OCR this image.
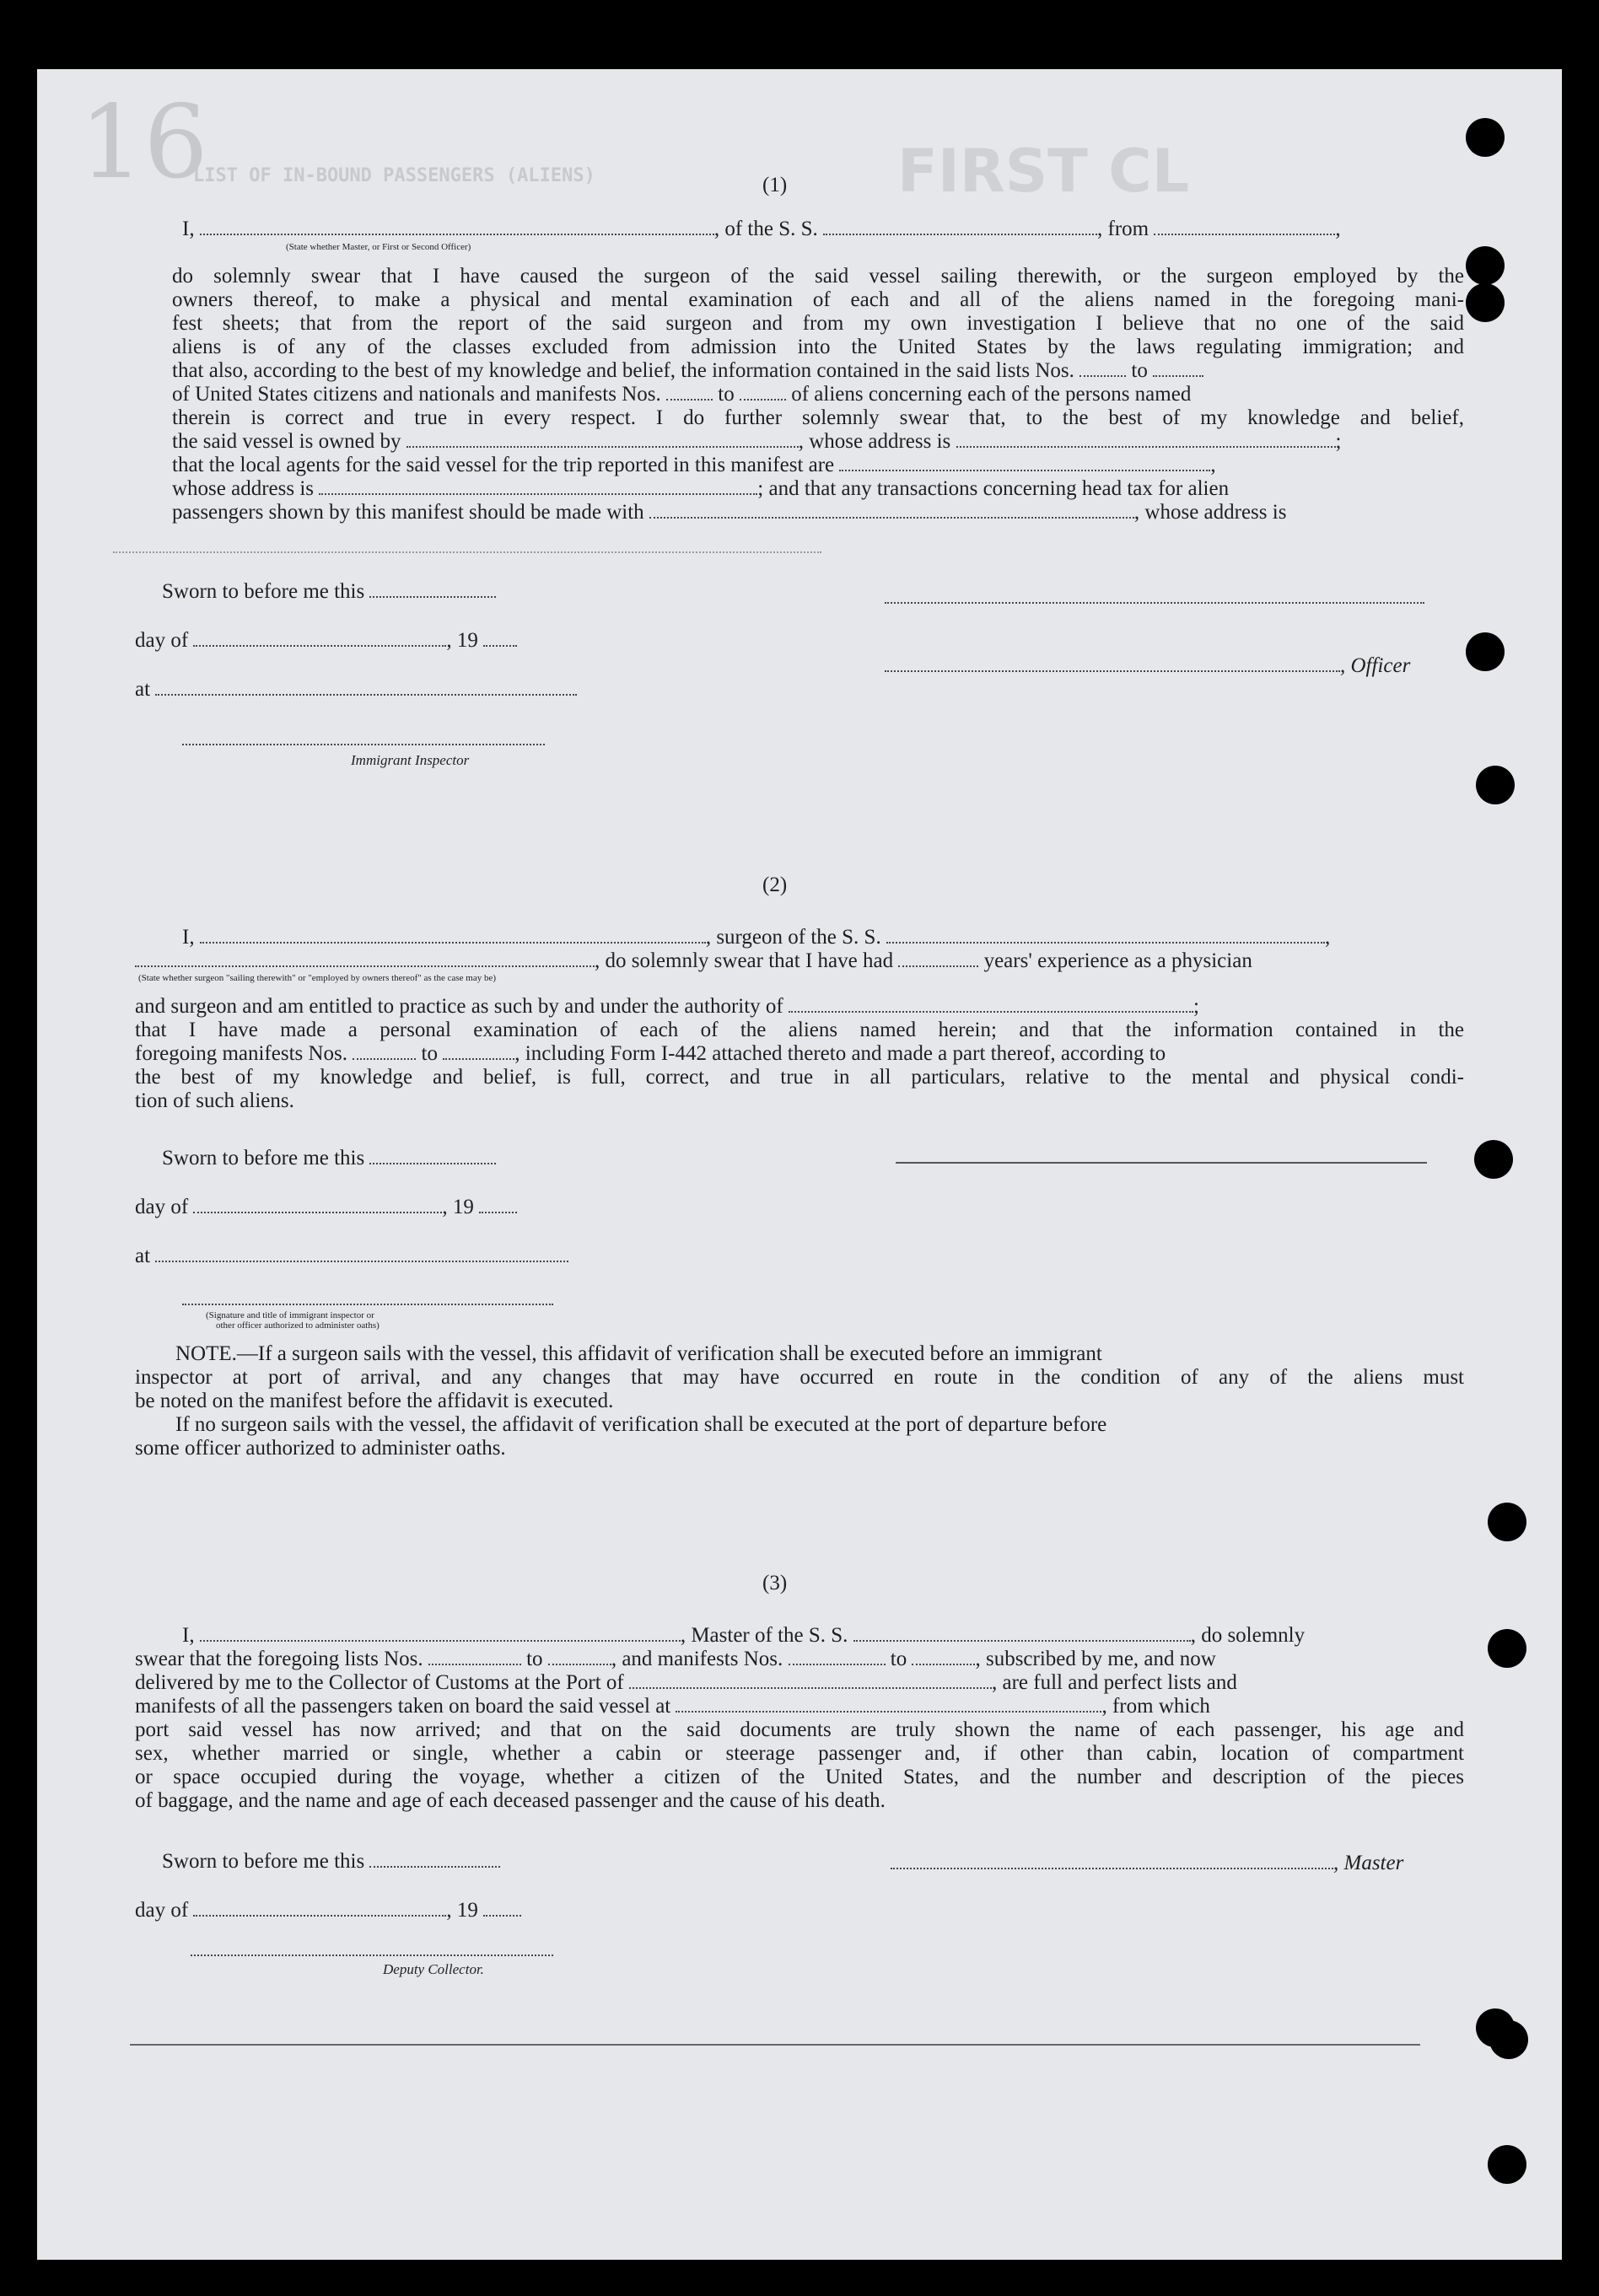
16	FIRST CL
LIST OF IN-BOUND PASSENGERS (ALIENS)	(1)
I,	, of the S. S.	, from	,
(State whether Master, or First or Second Officer)
do solemnly swear that I have caused the surgeon of the said vessel sailing therewith, or the surgeon employed by the
owners thereof, to make a physical and mental examination of each and all of the aliens named in the foregoing mani-
fest sheets; that from the report of the said surgeon and from my own investigation I believe that no one of the said
aliens is of any of the classes excluded from admission into the United States by the laws regulating immigration; and
that also, according to the best of my knowledge and belief, the information contained in the said lists Nos.	to
of United States citizens and nationals and manifests Nos.	to	of aliens concerning each of the persons named
therein is correct and true in every respect. I do further solemnly swear that, to the best of my knowledge and belief,
the said vessel is owned by	, whose address is	;
that the local agents for the said vessel for the trip reported in this manifest are	,
whose address is	; and that any transactions concerning head tax for alien
passengers shown by this manifest should be made with	, whose address is
Sworn to before me this
day of	, 19
, Officer
at
Immigrant Inspector
(2)
I,	, surgeon of the S. S.	,
, do solemnly swear that I have had	years' experience as a physician
(State whether surgeon "sailing therewith" or "employed by owners thereof" as the case may be)
and surgeon and am entitled to practice as such by and under the authority of	;
that I have made a personal examination of each of the aliens named herein; and that the information contained in the
foregoing manifests Nos.	to	, including Form I-442 attached thereto and made a part thereof, according to
the best of my knowledge and belief, is full, correct, and true in all particulars, relative to the mental and physical condi-
tion of such aliens.
Sworn to before me this
day of	, 19
at
(Signature and title of immigrant inspector or
other officer authorized to administer oaths)
NOTE.—If a surgeon sails with the vessel, this affidavit of verification shall be executed before an immigrant
inspector at port of arrival, and any changes that may have occurred en route in the condition of any of the aliens must
be noted on the manifest before the affidavit is executed.
If no surgeon sails with the vessel, the affidavit of verification shall be executed at the port of departure before
some officer authorized to administer oaths.
(3)
I,	, Master of the S. S.	, do solemnly
swear that the foregoing lists Nos.	to	, and manifests Nos.	to	, subscribed by me, and now
delivered by me to the Collector of Customs at the Port of	, are full and perfect lists and
manifests of all the passengers taken on board the said vessel at	, from which
port said vessel has now arrived; and that on the said documents are truly shown the name of each passenger, his age and
sex, whether married or single, whether a cabin or steerage passenger and, if other than cabin, location of compartment
or space occupied during the voyage, whether a citizen of the United States, and the number and description of the pieces
of baggage, and the name and age of each deceased passenger and the cause of his death.
Sworn to before me this	, Master
day of	, 19
Deputy Collector.
